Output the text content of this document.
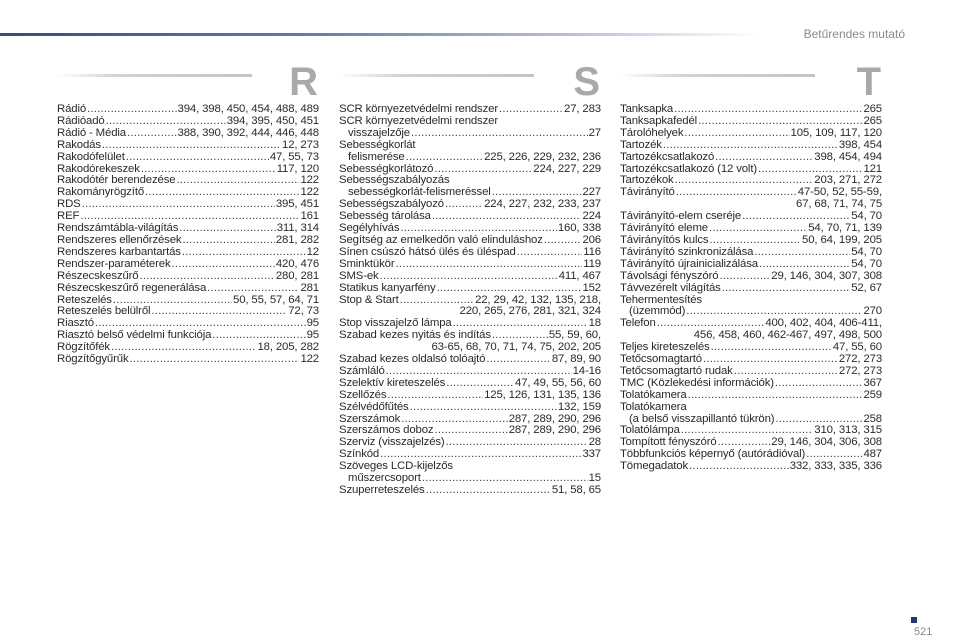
Betűrendes mutató
R
Rádió .....	394, 398, 450, 454, 488, 489
Rádióadó .....	394, 395, 450, 451
Rádió - Média .....	388, 390, 392, 444, 446, 448
Rakodás .....	12, 273
Rakodófelület .....	47, 55, 73
Rakodórekeszek .....	117, 120
Rakodótér berendezése .....	122
Rakományrögzítő .....	122
RDS .....	395, 451
REF .....	161
Rendszámtábla-világítás .....	311, 314
Rendszeres ellenőrzések .....	281, 282
Rendszeres karbantartás .....	12
Rendszer-paraméterek .....	420, 476
Részecskeszűrő .....	280, 281
Részecskeszűrő regenerálása .....	281
Reteszelés .....	50, 55, 57, 64, 71
Reteszelés belülről .....	72, 73
Riasztó .....	95
Riasztó belső védelmi funkciója .....	95
Rögzítőfék .....	18, 205, 282
Rögzítőgyűrűk .....	122
S
SCR környezetvédelmi rendszer .....	27, 283
SCR környezetvédelmi rendszer
visszajelzője .....	27
Sebességkorlát
felismerése .....	225, 226, 229, 232, 236
Sebességkorlátozó .....	224, 227, 229
Sebességszabályozás
sebességkorlát-felismeréssel .....	227
Sebességszabályozó .....	224, 227, 232, 233, 237
Sebesség tárolása .....	224
Segélyhívás .....	160, 338
Segítség az emelkedőn való elinduláshoz .....	206
Sínen csúszó hátsó ülés és üléspad .....	116
Sminktükör .....	119
SMS-ek .....	411, 467
Statikus kanyarfény .....	152
Stop & Start .....	22, 29, 42, 132, 135, 218,
220, 265, 276, 281, 321, 324
Stop visszajelző lámpa .....	18
Szabad kezes nyitás és indítás .....	55, 59, 60,
63-65, 68, 70, 71, 74, 75, 202, 205
Szabad kezes oldalsó tolóajtó .....	87, 89, 90
Számláló .....	14-16
Szelektív kireteszelés .....	47, 49, 55, 56, 60
Szellőzés .....	125, 126, 131, 135, 136
Szélvédőfűtés .....	132, 159
Szerszámok .....	287, 289, 290, 296
Szerszámos doboz .....	287, 289, 290, 296
Szerviz (visszajelzés) .....	28
Színkód .....	337
Szöveges LCD-kijelzős
műszercsoport .....	15
Szuperreteszelés .....	51, 58, 65
T
Tanksapka .....	265
Tanksapkafedél .....	265
Tárolóhelyek .....	105, 109, 117, 120
Tartozék .....	398, 454
Tartozékcsatlakozó .....	398, 454, 494
Tartozékcsatlakozó (12 volt) .....	121
Tartozékok .....	203, 271, 272
Távirányító .....	47-50, 52, 55-59,
67, 68, 71, 74, 75
Távirányító-elem cseréje .....	54, 70
Távirányító eleme .....	54, 70, 71, 139
Távirányítós kulcs .....	50, 64, 199, 205
Távirányító szinkronizálása .....	54, 70
Távirányító újrainicializálása .....	54, 70
Távolsági fényszóró .....	29, 146, 304, 307, 308
Távvezérelt világítás .....	52, 67
Tehermentesítés
(üzemmód) .....	270
Telefon .....	400, 402, 404, 406-411,
456, 458, 460, 462-467, 497, 498, 500
Teljes kireteszelés .....	47, 55, 60
Tetőcsomagtartó .....	272, 273
Tetőcsomagtartó rudak .....	272, 273
TMC (Közlekedési információk) .....	367
Tolatókamera .....	259
Tolatókamera
(a belső visszapillantó tükrön) .....	258
Tolatólámpa .....	310, 313, 315
Tompított fényszóró .....	29, 146, 304, 306, 308
Többfunkciós képernyő (autórádióval) .....	487
Tömegadatok .....	332, 333, 335, 336
521
